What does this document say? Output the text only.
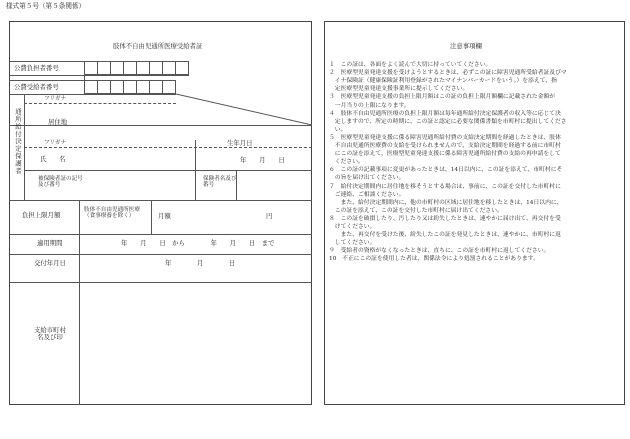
様式第５号（第５条関係）
肢体不自由児通所医療受給者証
公費負担者番号
公費受給者番号
通所給付決定保護者
フリガナ
居住地
フリガナ	生年月日
氏　　名	年　　月　　日
被保険者証の記号及び番号
保険者名及び番号
負担上限月額
肢体不自由児通所医療（食事療養を除く）	月額	円
適用期間	年　　月　　日　から　　　　年　　月　　日　まで
交付年月日	年　　　　月　　　　日
支給市町村名及び印
注意事項欄
１　この証は、各面をよく読んで大切に持っていてください。
２　医療型児童発達支援を受けようとするときは、必ずこの証に障害児通所受給者証及びマ
　イナ保険証（健康保険証利用登録がされたマイナンバーカードをいう。）を添えて、指
　定医療型児童発達支援事業所に提示してください。
３　医療型児童発達支援の負担上限月額はこの証の負担上限月額欄に記載された金額が
　一月当りの上限になります。
４　肢体不自由児通所医療の負担上限月額は毎年通所給付決定保護者の収入等に応じて決
　定しますので、所定の時期に、この証と認定に必要な関係書類を市町村に提出してくださ
　い。
５　医療型児童発達支援に係る障害児通所給付費の支給決定期間を経過したときは、肢体
　不自由児通所医療費の支給を受けられませんので、支給決定期間を経過する前に市町村
　にこの証を添えて、医療型児童発達支援に係る障害児通所給付費の支給の再申請をして
　ください。
６　この証の記載事項に変更があったときは、14日以内に、この証を添えて、市町村にそ
　の旨を届け出てください。
７　給付決定期間内に居住地を移そうとする場合は、事前に、この証を交付した市町村に
　ご連絡、ご相談ください。
　　また、給付決定期間内に、他の市町村の区域に居住地を移したときは、14日以内に、
　この証を添えて、この証を交付した市町村に届け出てください。
８　この証を破損したり、汚したり又は紛失したときは、速やかに届け出て、再交付を受
　けてください。
　　また、再交付を受けた後、紛失したこの証を発見したときは、速やかに、市町村に返
　してください。
９　受給者の資格がなくなったときは、直ちに、この証を市町村に返してください。
10　不正にこの証を使用した者は、関係法令により処罰されることがあります。
